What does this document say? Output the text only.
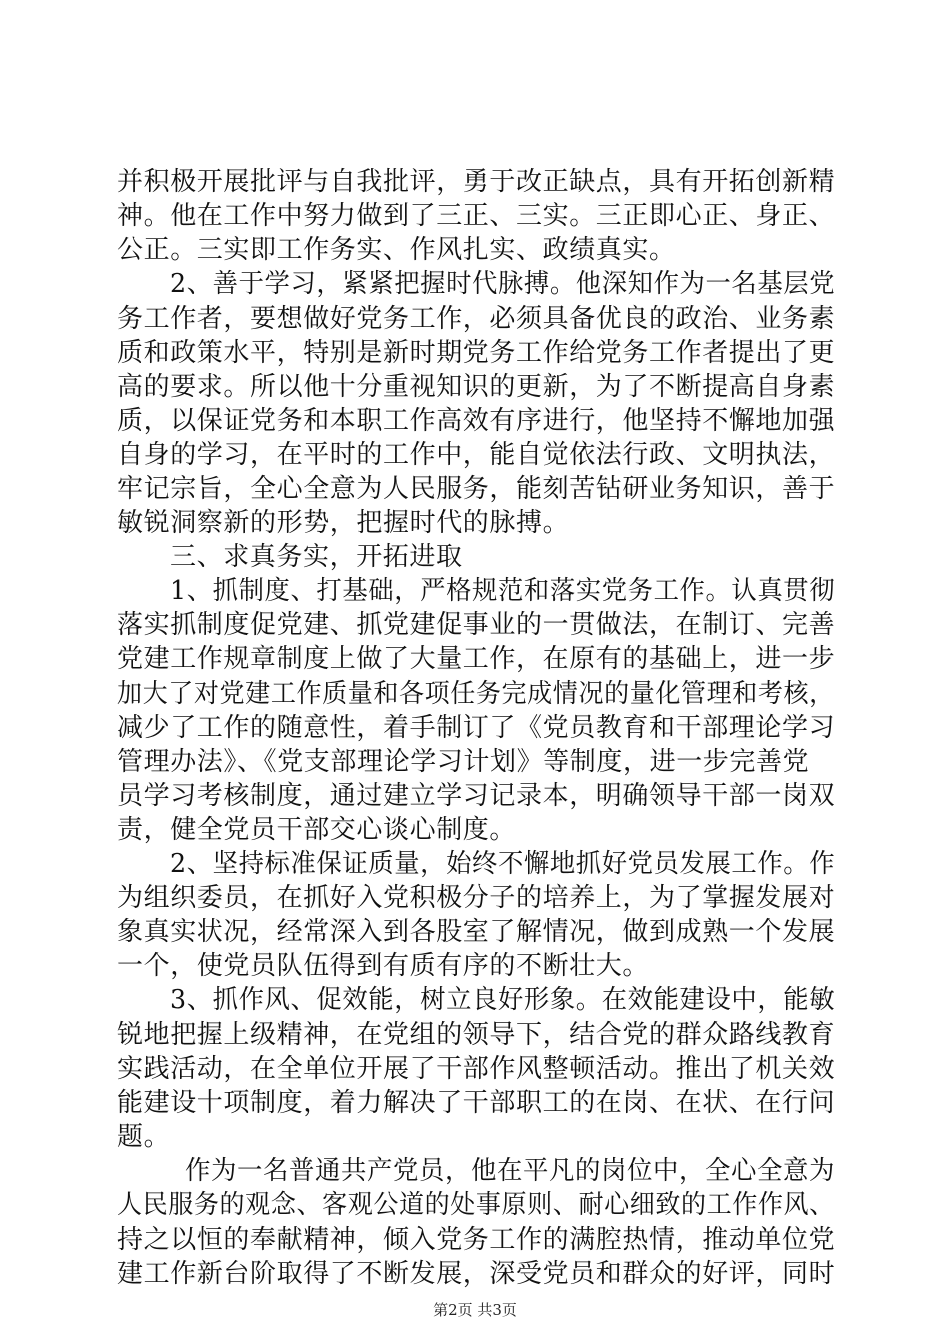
并积极开展批评与自我批评，勇于改正缺点，具有开拓创新精
神。他在工作中努力做到了三正、三实。三正即心正、身正、
公正。三实即工作务实、作风扎实、政绩真实。
2、善于学习，紧紧把握时代脉搏。他深知作为一名基层党
务工作者，要想做好党务工作，必须具备优良的政治、业务素
质和政策水平，特别是新时期党务工作给党务工作者提出了更
高的要求。所以他十分重视知识的更新，为了不断提高自身素
质，以保证党务和本职工作高效有序进行，他坚持不懈地加强
自身的学习，在平时的工作中，能自觉依法行政、文明执法，
牢记宗旨，全心全意为人民服务，能刻苦钻研业务知识，善于
敏锐洞察新的形势，把握时代的脉搏。
三、求真务实，开拓进取
1、抓制度、打基础，严格规范和落实党务工作。认真贯彻
落实抓制度促党建、抓党建促事业的一贯做法，在制订、完善
党建工作规章制度上做了大量工作，在原有的基础上，进一步
加大了对党建工作质量和各项任务完成情况的量化管理和考核，
减少了工作的随意性，着手制订了《党员教育和干部理论学习
管理办法》、《党支部理论学习计划》等制度，进一步完善党
员学习考核制度，通过建立学习记录本，明确领导干部一岗双
责，健全党员干部交心谈心制度。
2、坚持标准保证质量，始终不懈地抓好党员发展工作。作
为组织委员，在抓好入党积极分子的培养上，为了掌握发展对
象真实状况，经常深入到各股室了解情况，做到成熟一个发展
一个，使党员队伍得到有质有序的不断壮大。
3、抓作风、促效能，树立良好形象。在效能建设中，能敏
锐地把握上级精神，在党组的领导下，结合党的群众路线教育
实践活动，在全单位开展了干部作风整顿活动。推出了机关效
能建设十项制度，着力解决了干部职工的在岗、在状、在行问
题。
作为一名普通共产党员，他在平凡的岗位中，全心全意为
人民服务的观念、客观公道的处事原则、耐心细致的工作作风、
持之以恒的奉献精神，倾入党务工作的满腔热情，推动单位党
建工作新台阶取得了不断发展，深受党员和群众的好评，同时
第2页 共3页
